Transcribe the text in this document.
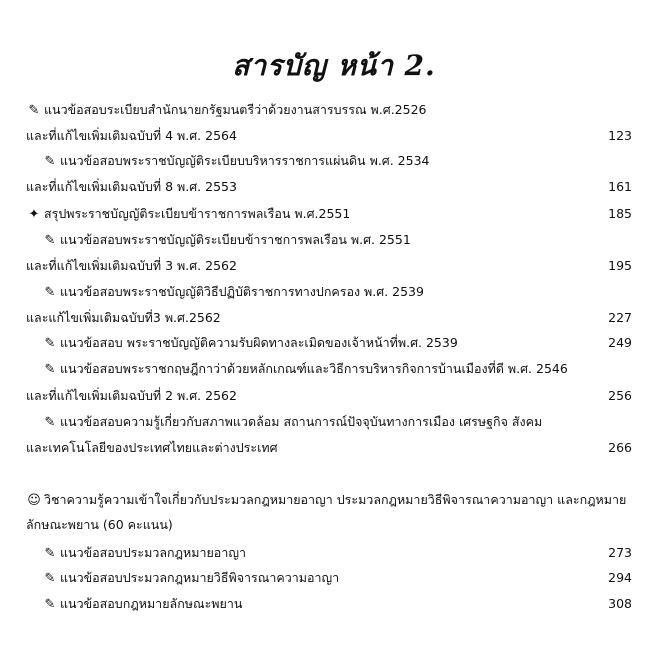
สารบัญ หน้า 2.
✎ แนวข้อสอบระเบียบสำนักนายกรัฐมนตรีว่าด้วยงานสารบรรณ พ.ศ.2526
และที่แก้ไขเพิ่มเติมฉบับที่ 4 พ.ศ. 2564	123
✎ แนวข้อสอบพระราชบัญญัติระเบียบบริหารราชการแผ่นดิน พ.ศ. 2534
และที่แก้ไขเพิ่มเติมฉบับที่ 8 พ.ศ. 2553	161
✦ สรุปพระราชบัญญัติระเบียบข้าราชการพลเรือน พ.ศ.2551	185
✎ แนวข้อสอบพระราชบัญญัติระเบียบข้าราชการพลเรือน พ.ศ. 2551
และที่แก้ไขเพิ่มเติมฉบับที่ 3 พ.ศ. 2562	195
✎ แนวข้อสอบพระราชบัญญัติวิธีปฏิบัติราชการทางปกครอง พ.ศ. 2539
และแก้ไขเพิ่มเติมฉบับที่3 พ.ศ.2562	227
✎ แนวข้อสอบ พระราชบัญญัติความรับผิดทางละเมิดของเจ้าหน้าที่พ.ศ. 2539	249
✎ แนวข้อสอบพระราชกฤษฎีกาว่าด้วยหลักเกณฑ์และวิธีการบริหารกิจการบ้านเมืองที่ดี พ.ศ. 2546
และที่แก้ไขเพิ่มเติมฉบับที่ 2 พ.ศ. 2562	256
✎ แนวข้อสอบความรู้เกี่ยวกับสภาพแวดล้อม สถานการณ์ปัจจุบันทางการเมือง เศรษฐกิจ สังคม
และเทคโนโลยีของประเทศไทยและต่างประเทศ	266
☺ วิชาความรู้ความเข้าใจเกี่ยวกับประมวลกฎหมายอาญา ประมวลกฎหมายวิธีพิจารณาความอาญา และกฎหมาย
ลักษณะพยาน (60 คะแนน)
✎ แนวข้อสอบประมวลกฎหมายอาญา	273
✎ แนวข้อสอบประมวลกฎหมายวิธีพิจารณาความอาญา	294
✎ แนวข้อสอบกฎหมายลักษณะพยาน	308
